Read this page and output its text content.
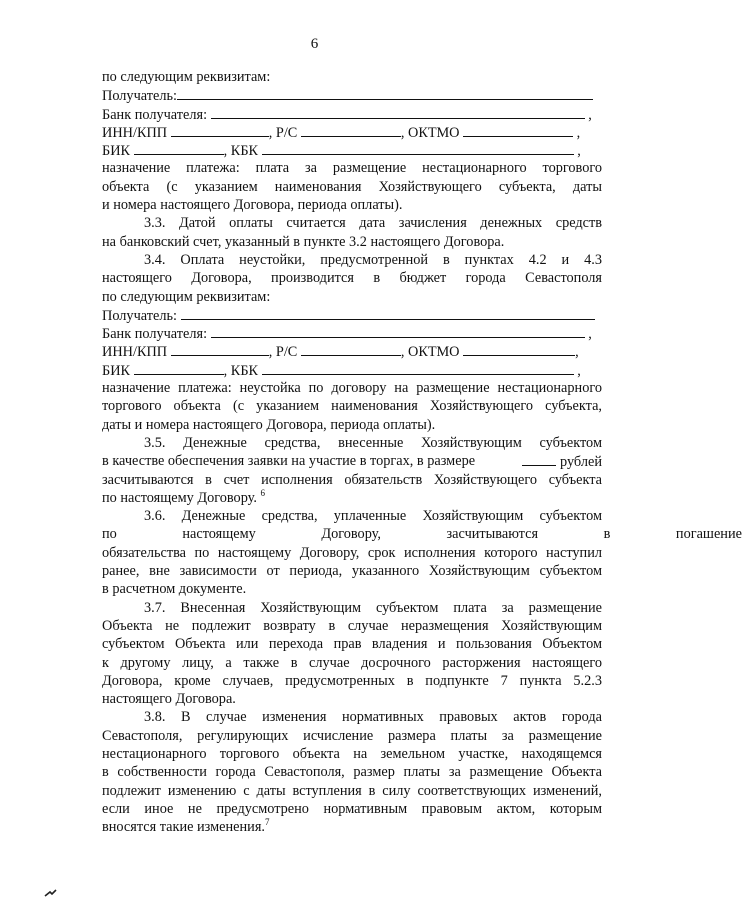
6
по следующим реквизитам:
Получатель:
Банк получателя:	,
ИНН/КПП	, Р/С	, ОКТМО	,
БИК	, КБК	,
назначение платежа: плата за размещение нестационарного торгового
объекта (с указанием наименования Хозяйствующего субъекта, даты
и номера настоящего Договора, периода оплаты).
3.3. Датой оплаты считается дата зачисления денежных средств
на банковский счет, указанный в пункте 3.2 настоящего Договора.
3.4. Оплата неустойки, предусмотренной в пунктах 4.2 и 4.3
настоящего Договора, производится в бюджет города Севастополя
по следующим реквизитам:
Получатель:
Банк получателя:	,
ИНН/КПП	, Р/С	, ОКТМО	,
БИК	, КБК	,
назначение платежа: неустойка по договору на размещение нестационарного
торгового объекта (с указанием наименования Хозяйствующего субъекта,
даты и номера настоящего Договора, периода оплаты).
3.5. Денежные средства, внесенные Хозяйствующим субъектом
в качестве обеспечения заявки на участие в торгах, в размере	рублей
засчитываются в счет исполнения обязательств Хозяйствующего субъекта
по настоящему Договору. $^6$
3.6. Денежные средства, уплаченные Хозяйствующим субъектом
по настоящему Договору, засчитываются в погашение
обязательства по настоящему Договору, срок исполнения которого наступил
ранее, вне зависимости от периода, указанного Хозяйствующим субъектом
в расчетном документе.
3.7. Внесенная Хозяйствующим субъектом плата за размещение
Объекта не подлежит возврату в случае неразмещения Хозяйствующим
субъектом Объекта или перехода прав владения и пользования Объектом
к другому лицу, а также в случае досрочного расторжения настоящего
Договора, кроме случаев, предусмотренных в подпункте 7 пункта 5.2.3
настоящего Договора.
3.8. В случае изменения нормативных правовых актов города
Севастополя, регулирующих исчисление размера платы за размещение
нестационарного торгового объекта на земельном участке, находящемся
в собственности города Севастополя, размер платы за размещение Объекта
подлежит изменению с даты вступления в силу соответствующих изменений,
если иное не предусмотрено нормативным правовым актом, которым
вносятся такие изменения.$^7$
